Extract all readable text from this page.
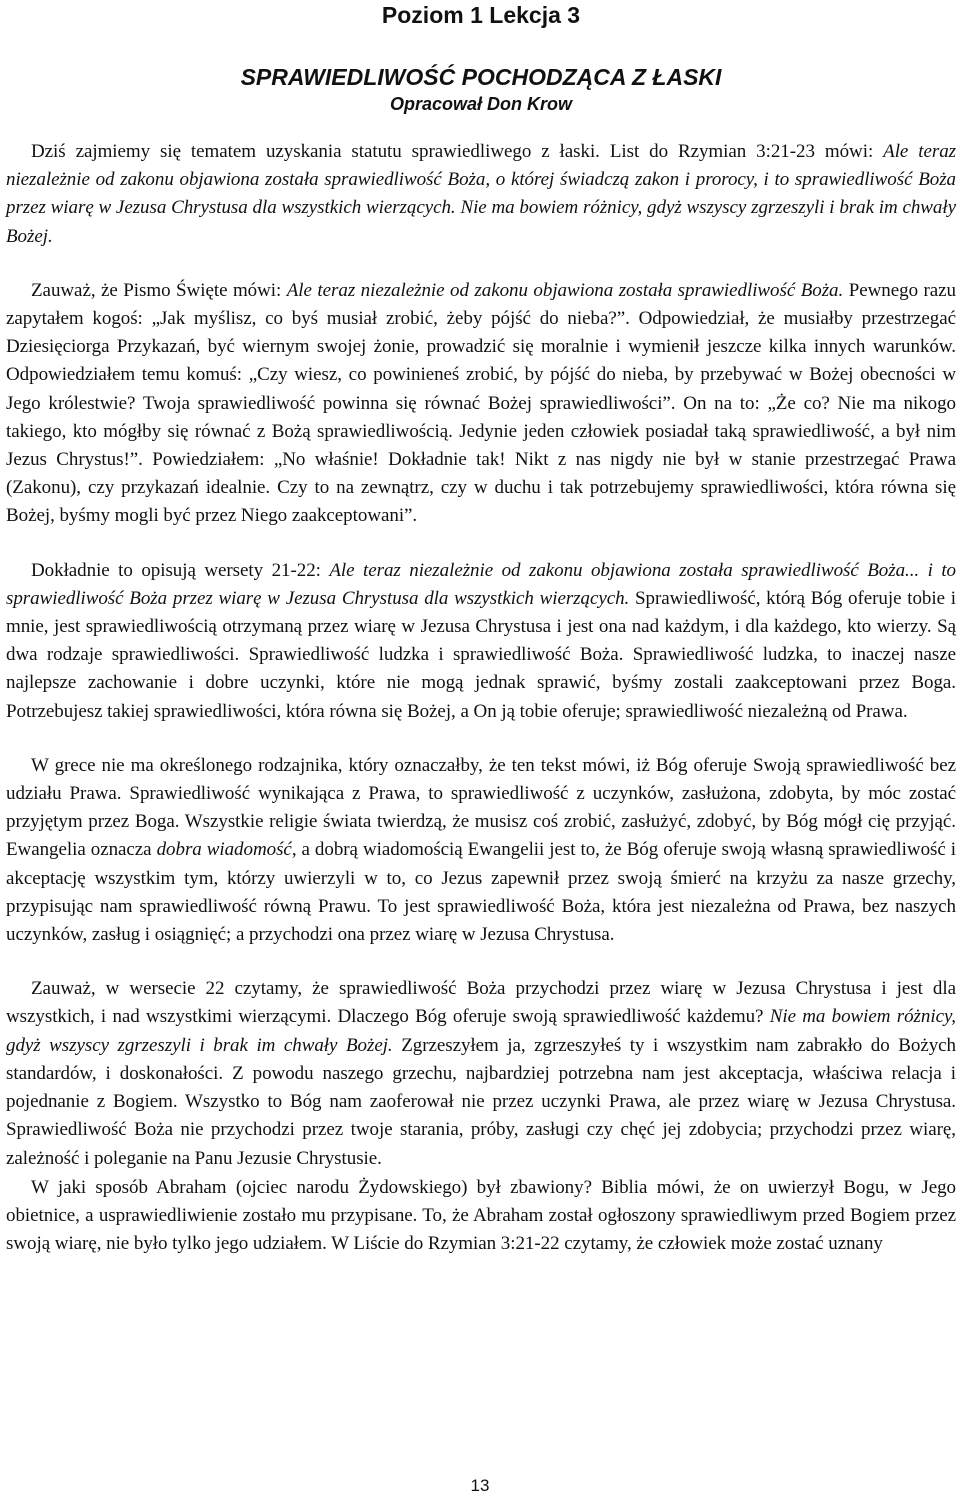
Poziom 1 Lekcja 3
SPRAWIEDLIWOŚĆ POCHODZĄCA Z ŁASKI
Opracował Don Krow

Dziś zajmiemy się tematem uzyskania statutu sprawiedliwego z łaski. List do Rzymian 3:21-23 mówi: Ale teraz niezależnie od zakonu objawiona została sprawiedliwość Boża, o której świadczą zakon i prorocy, i to sprawiedliwość Boża przez wiarę w Jezusa Chrystusa dla wszystkich wierzących. Nie ma bowiem różnicy, gdyż wszyscy zgrzeszyli i brak im chwały Bożej.

Zauważ, że Pismo Święte mówi: Ale teraz niezależnie od zakonu objawiona została sprawiedliwość Boża. Pewnego razu zapytałem kogoś: „Jak myślisz, co byś musiał zrobić, żeby pójść do nieba?”. Odpowiedział, że musiałby przestrzegać Dziesięciorga Przykazań, być wiernym swojej żonie, prowadzić się moralnie i wymienił jeszcze kilka innych warunków. Odpowiedziałem temu komuś: „Czy wiesz, co powinieneś zrobić, by pójść do nieba, by przebywać w Bożej obecności w Jego królestwie? Twoja sprawiedliwość powinna się równać Bożej sprawiedliwości”. On na to: „Że co? Nie ma nikogo takiego, kto mógłby się równać z Bożą sprawiedliwością. Jedynie jeden człowiek posiadał taką sprawiedliwość, a był nim Jezus Chrystus!”. Powiedziałem: „No właśnie! Dokładnie tak! Nikt z nas nigdy nie był w stanie przestrzegać Prawa (Zakonu), czy przykazań idealnie. Czy to na zewnątrz, czy w duchu i tak potrzebujemy sprawiedliwości, która równa się Bożej, byśmy mogli być przez Niego zaakceptowani”.

Dokładnie to opisują wersety 21-22: Ale teraz niezależnie od zakonu objawiona została sprawiedliwość Boża... i to sprawiedliwość Boża przez wiarę w Jezusa Chrystusa dla wszystkich wierzących. Sprawiedliwość, którą Bóg oferuje tobie i mnie, jest sprawiedliwością otrzymaną przez wiarę w Jezusa Chrystusa i jest ona nad każdym, i dla każdego, kto wierzy. Są dwa rodzaje sprawiedliwości. Sprawiedliwość ludzka i sprawiedliwość Boża. Sprawiedliwość ludzka, to inaczej nasze najlepsze zachowanie i dobre uczynki, które nie mogą jednak sprawić, byśmy zostali zaakceptowani przez Boga. Potrzebujesz takiej sprawiedliwości, która równa się Bożej, a On ją tobie oferuje; sprawiedliwość niezależną od Prawa.

W grece nie ma określonego rodzajnika, który oznaczałby, że ten tekst mówi, iż Bóg oferuje Swoją sprawiedliwość bez udziału Prawa. Sprawiedliwość wynikająca z Prawa, to sprawiedliwość z uczynków, zasłużona, zdobyta, by móc zostać przyjętym przez Boga. Wszystkie religie świata twierdzą, że musisz coś zrobić, zasłużyć, zdobyć, by Bóg mógł cię przyjąć. Ewangelia oznacza dobra wiadomość, a dobrą wiadomością Ewangelii jest to, że Bóg oferuje swoją własną sprawiedliwość i akceptację wszystkim tym, którzy uwierzyli w to, co Jezus zapewnił przez swoją śmierć na krzyżu za nasze grzechy, przypisując nam sprawiedliwość równą Prawu. To jest sprawiedliwość Boża, która jest niezależna od Prawa, bez naszych uczynków, zasług i osiągnięć; a przychodzi ona przez wiarę w Jezusa Chrystusa.

Zauważ, w wersecie 22 czytamy, że sprawiedliwość Boża przychodzi przez wiarę w Jezusa Chrystusa i jest dla wszystkich, i nad wszystkimi wierzącymi. Dlaczego Bóg oferuje swoją sprawiedliwość każdemu? Nie ma bowiem różnicy, gdyż wszyscy zgrzeszyli i brak im chwały Bożej. Zgrzeszyłem ja, zgrzeszyłeś ty i wszystkim nam zabrakło do Bożych standardów, i doskonałości. Z powodu naszego grzechu, najbardziej potrzebna nam jest akceptacja, właściwa relacja i pojednanie z Bogiem. Wszystko to Bóg nam zaoferował nie przez uczynki Prawa, ale przez wiarę w Jezusa Chrystusa. Sprawiedliwość Boża nie przychodzi przez twoje starania, próby, zasługi czy chęć jej zdobycia; przychodzi przez wiarę, zależność i poleganie na Panu Jezusie Chrystusie.

W jaki sposób Abraham (ojciec narodu Żydowskiego) był zbawiony? Biblia mówi, że on uwierzył Bogu, w Jego obietnice, a usprawiedliwienie zostało mu przypisane. To, że Abraham został ogłoszony sprawiedliwym przed Bogiem przez swoją wiarę, nie było tylko jego udziałem. W Liście do Rzymian 3:21-22 czytamy, że człowiek może zostać uznany

13
